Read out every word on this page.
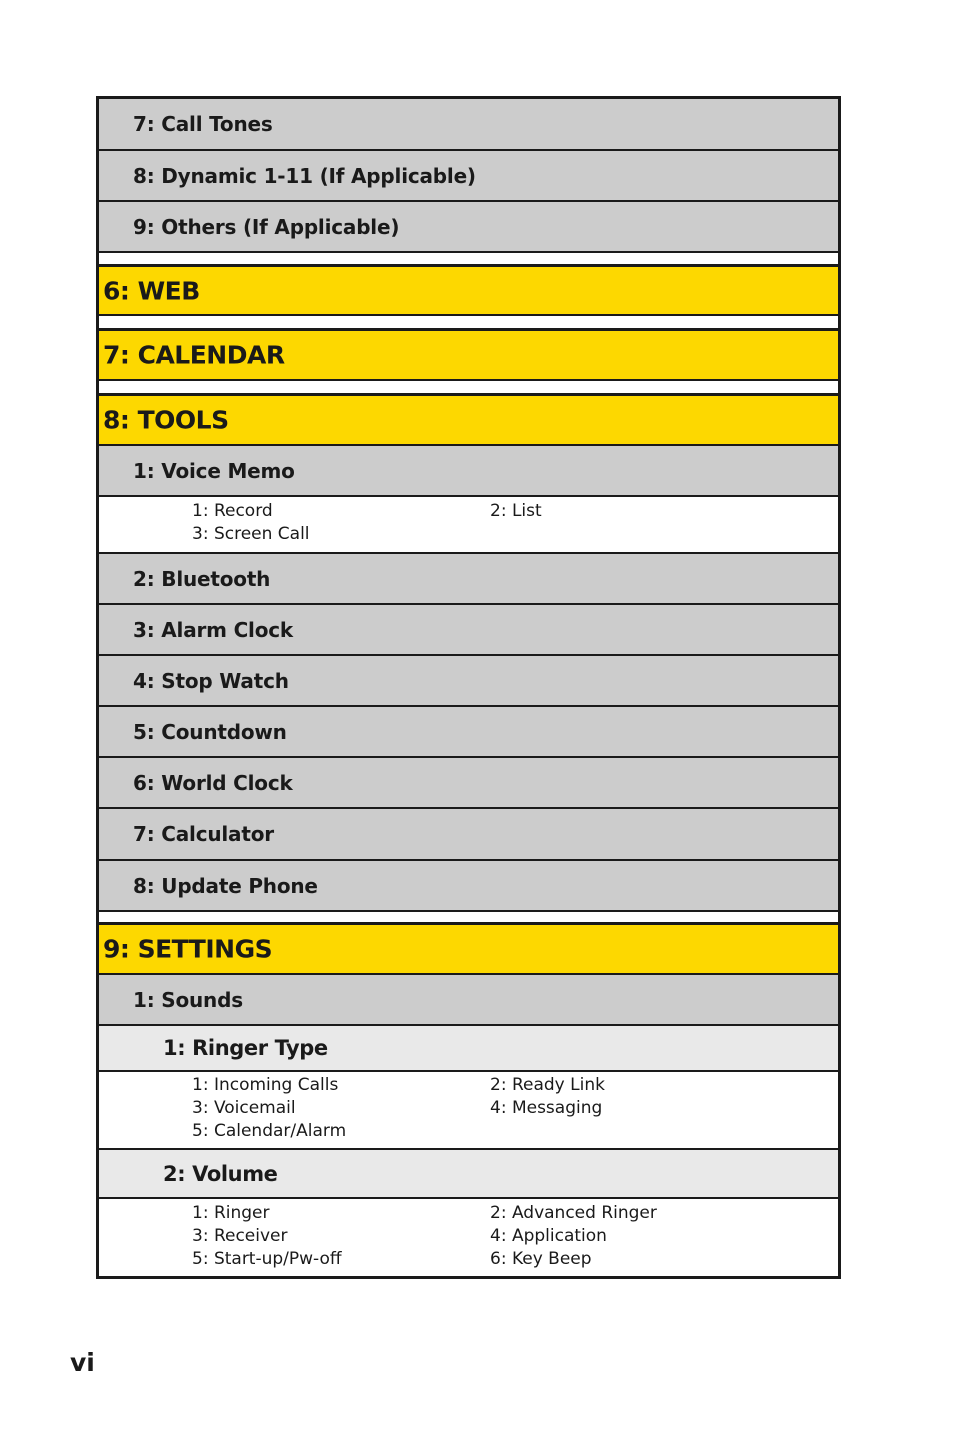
7: Call Tones
8: Dynamic 1-11 (If Applicable)
9: Others (If Applicable)
6: WEB
7: CALENDAR
8: TOOLS
1: Voice Memo
1: Record	2: List
3: Screen Call
2: Bluetooth
3: Alarm Clock
4: Stop Watch
5: Countdown
6: World Clock
7: Calculator
8: Update Phone
9: SETTINGS
1: Sounds
1: Ringer Type
1: Incoming Calls	2: Ready Link
3: Voicemail	4: Messaging
5: Calendar/Alarm
2: Volume
1: Ringer	2: Advanced Ringer
3: Receiver	4: Application
5: Start-up/Pw-off	6: Key Beep
vi
